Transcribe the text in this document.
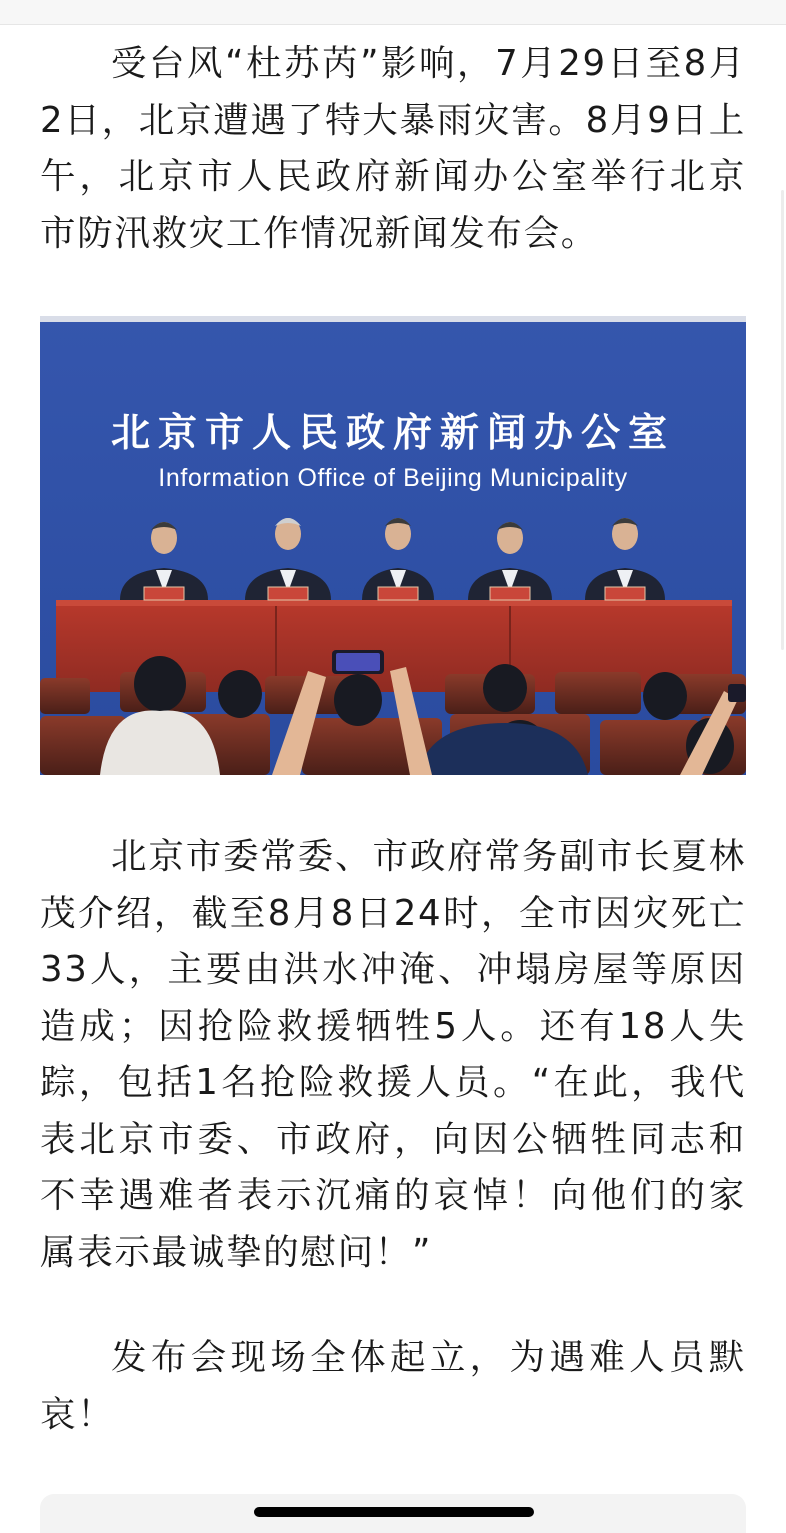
受台风“杜苏芮”影响，7月29日至8月2日，北京遭遇了特大暴雨灾害。8月9日上午，北京市人民政府新闻办公室举行北京市防汛救灾工作情况新闻发布会。

北京市人民政府新闻办公室
Information Office of Beijing Municipality

北京市委常委、市政府常务副市长夏林茂介绍，截至8月8日24时，全市因灾死亡33人，主要由洪水冲淹、冲塌房屋等原因造成；因抢险救援牺牲5人。还有18人失踪，包括1名抢险救援人员。“在此，我代表北京市委、市政府，向因公牺牲同志和不幸遇难者表示沉痛的哀悼！向他们的家属表示最诚挚的慰问！”

发布会现场全体起立，为遇难人员默哀！
